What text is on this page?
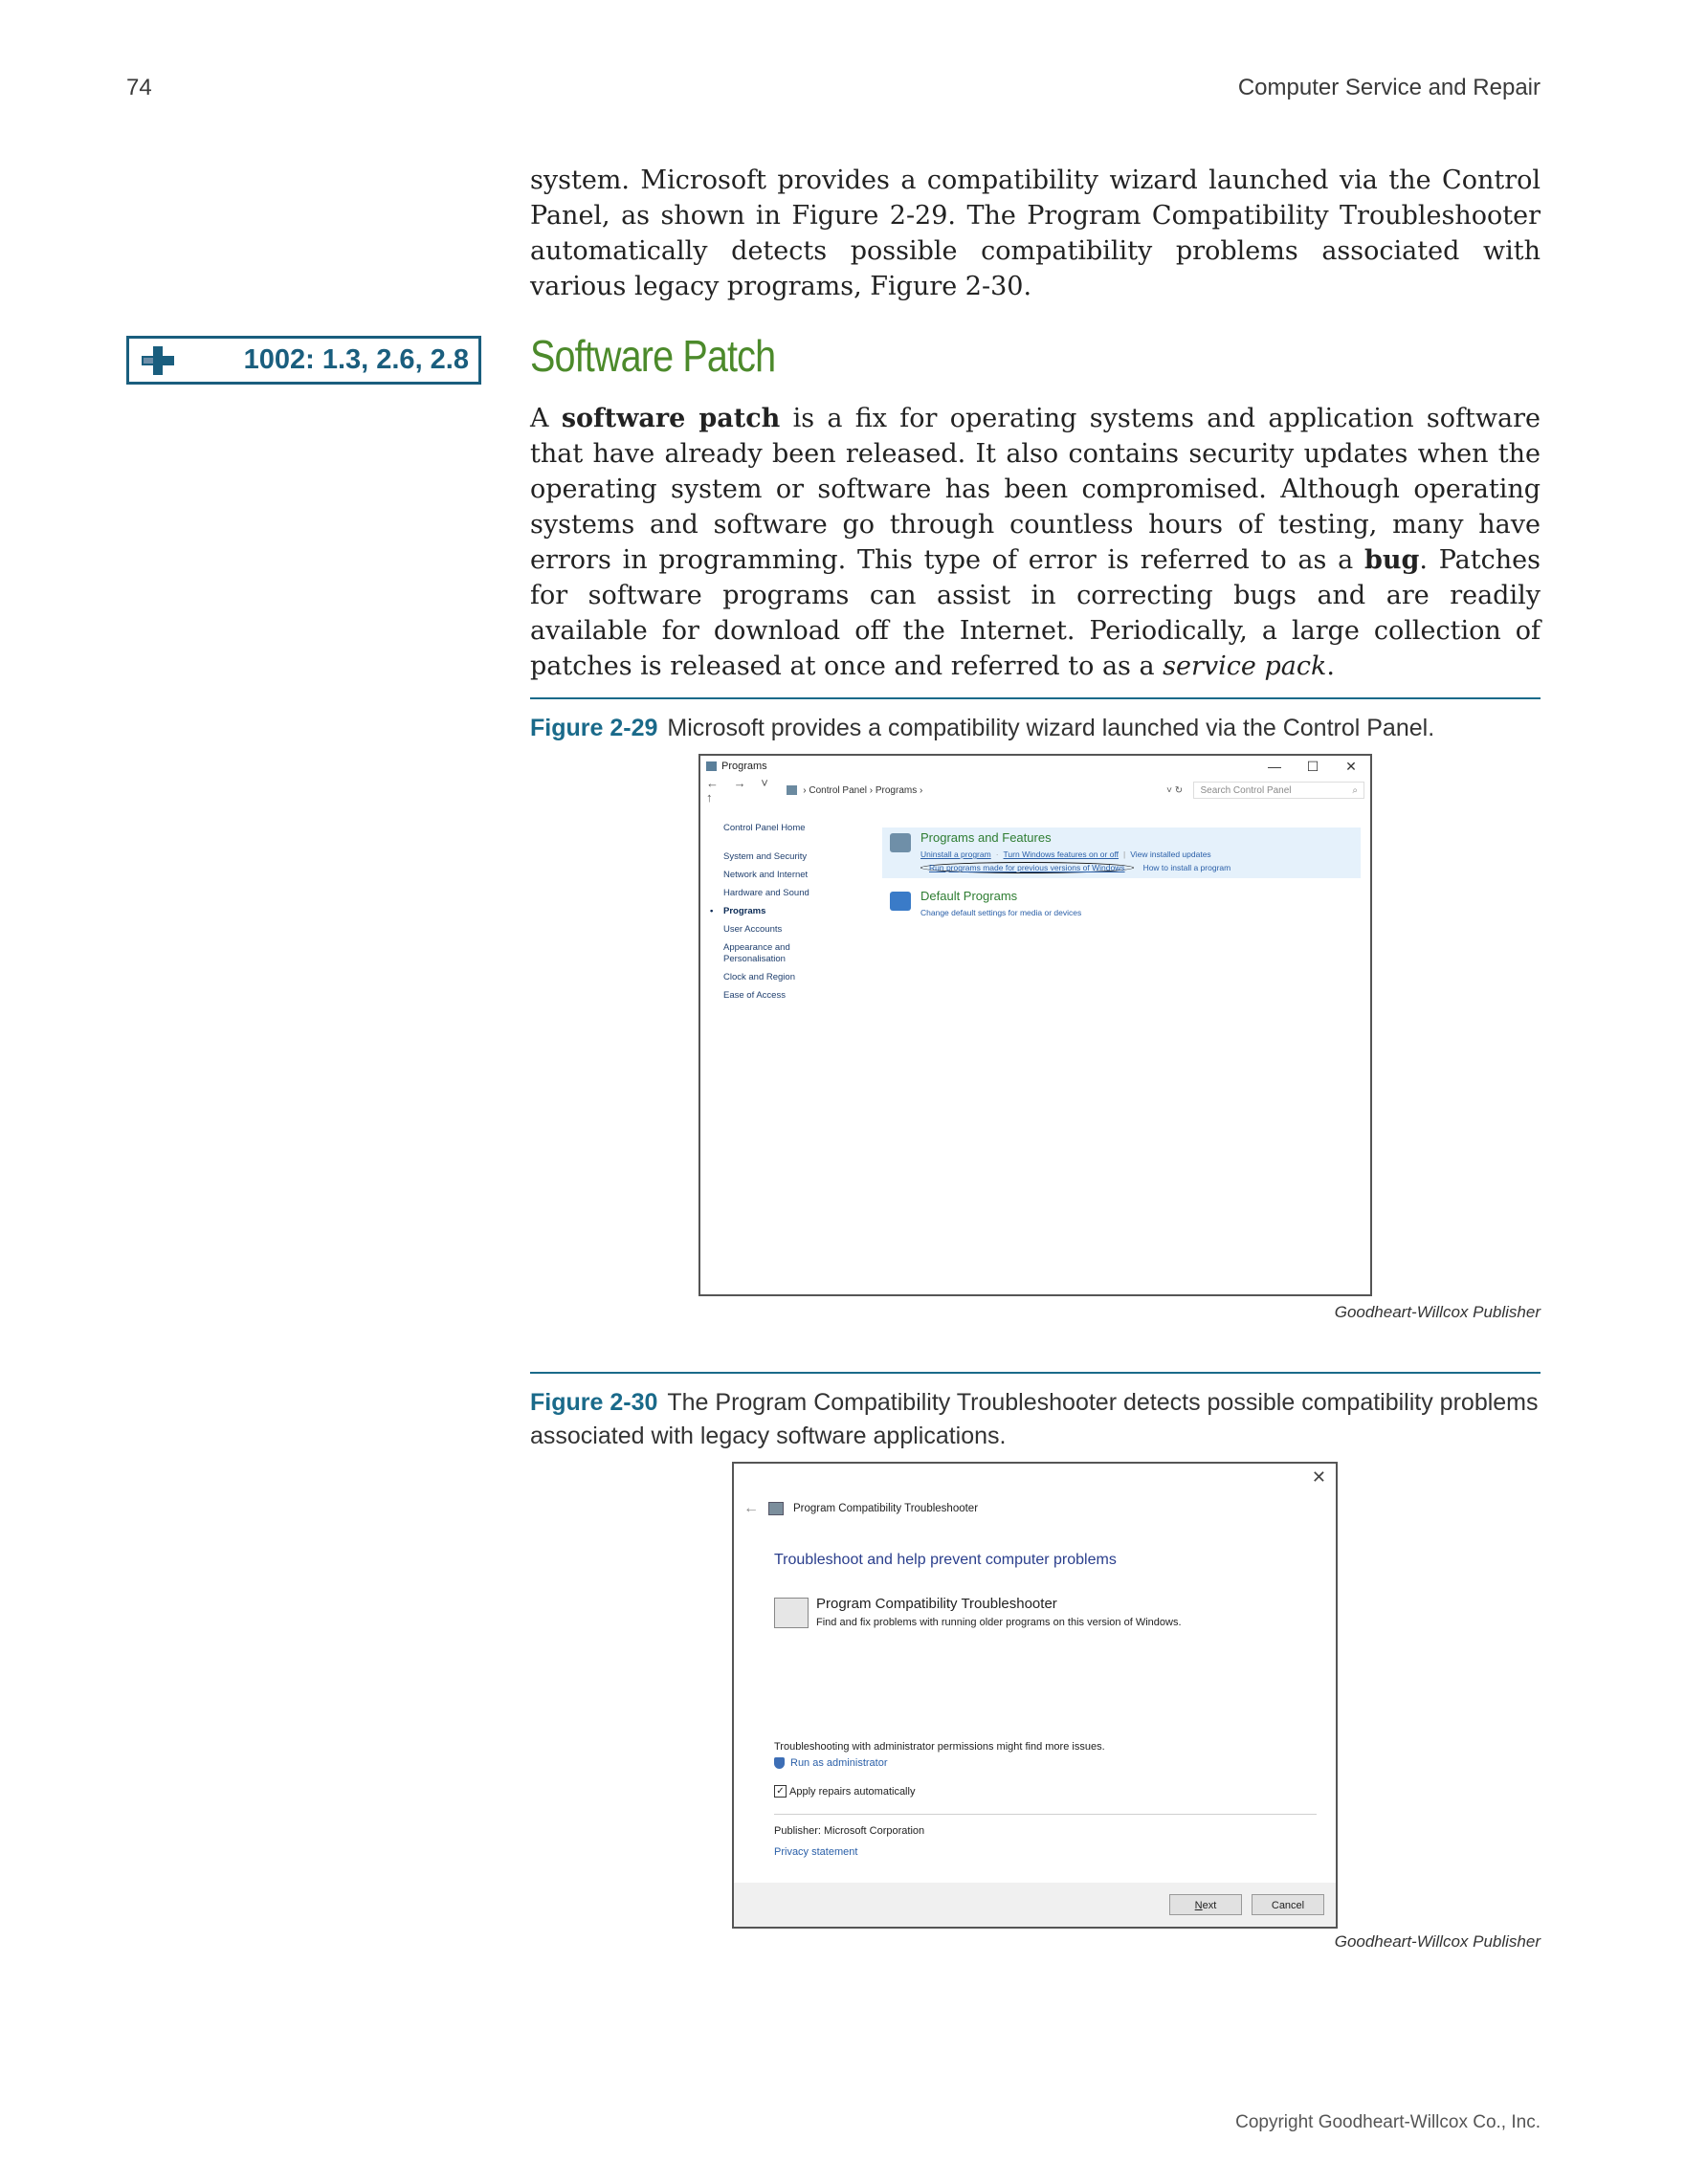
74	Computer Service and Repair

system. Microsoft provides a compatibility wizard launched via the Control Panel, as shown in Figure 2-29. The Program Compatibility Troubleshooter automatically detects possible compatibility problems associated with various legacy programs, Figure 2-30.

1002: 1.3, 2.6, 2.8 Software Patch

A software patch is a fix for operating systems and application software that have already been released. It also contains security updates when the operating system or software has been compromised. Although operating systems and software go through countless hours of testing, many have errors in programming. This type of error is referred to as a bug. Patches for software programs can assist in correcting bugs and are readily available for download off the Internet. Periodically, a large collection of patches is released at once and referred to as a service pack.

Figure 2-29 Microsoft provides a compatibility wizard launched via the Control Panel.
Programs	—	☐	✕
← → ˅ ↑	› Control Panel › Programs ›	˅ ↻	Search Control Panel	⌕
Control Panel Home
System and Security
Network and Internet
Hardware and Sound
• Programs
User Accounts
Appearance and Personalisation
Clock and Region
Ease of Access
Programs and Features
Uninstall a program · Turn Windows features on or off | View installed updates
Run programs made for previous versions of Windows How to install a program
Default Programs
Change default settings for media or devices
Goodheart-Willcox Publisher
Figure 2-30 The Program Compatibility Troubleshooter detects possible compatibility problems associated with legacy software applications.
✕
←	Program Compatibility Troubleshooter
Troubleshoot and help prevent computer problems
Program Compatibility Troubleshooter
Find and fix problems with running older programs on this version of Windows.
Troubleshooting with administrator permissions might find more issues.
Run as administrator
✓ Apply repairs automatically
Publisher: Microsoft Corporation
Privacy statement
Next	Cancel
Goodheart-Willcox Publisher
Copyright Goodheart-Willcox Co., Inc.
